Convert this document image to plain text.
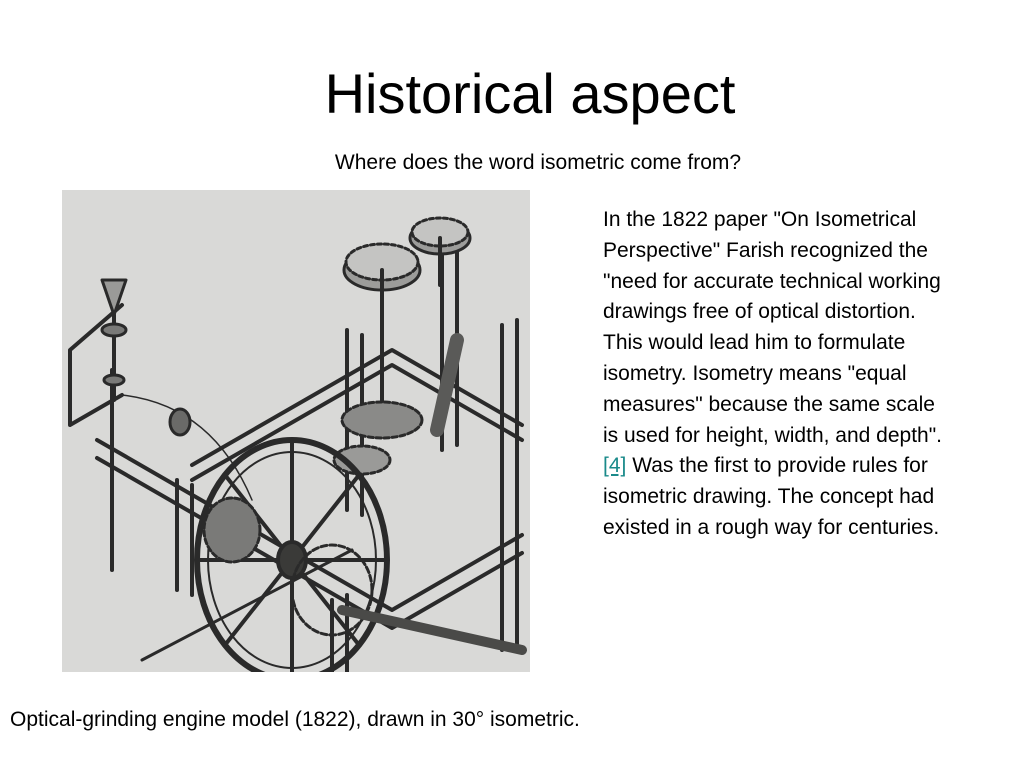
Historical aspect
Where does the word isometric come from?
In the 1822 paper "On Isometrical Perspective" Farish recognized the "need for accurate technical working drawings free of optical distortion. This would lead him to formulate isometry. Isometry means "equal measures" because the same scale is used for height, width, and depth".[4] Was the first to provide rules for isometric drawing. The concept had existed in a rough way for centuries.
Optical-grinding engine model (1822), drawn in 30° isometric.
